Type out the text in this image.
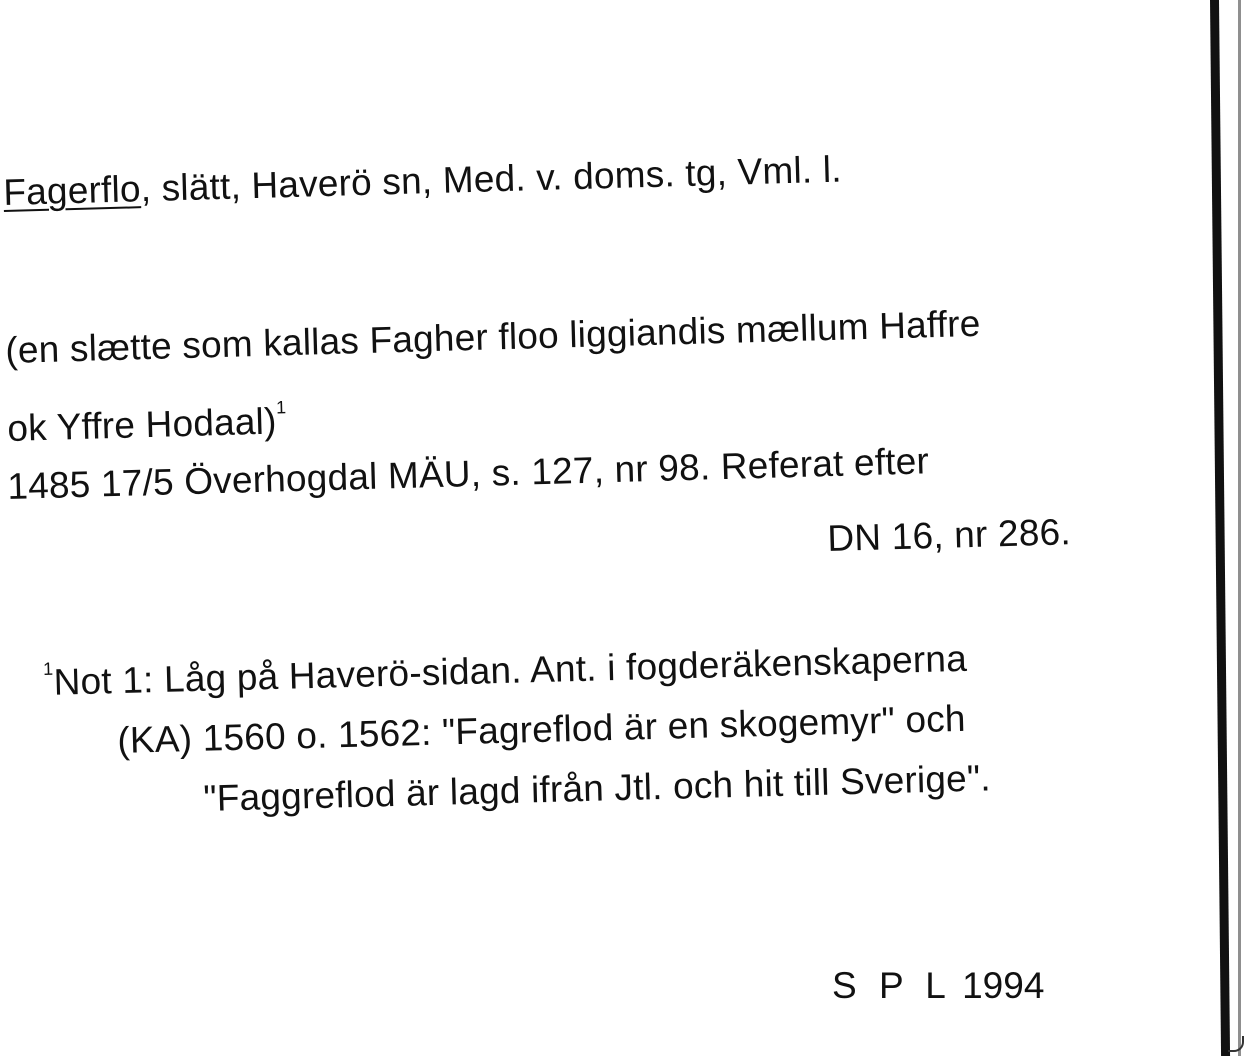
Fagerflo, slätt, Haverö sn, Med. v. doms. tg, Vml. l.
(en slætte som kallas Fagher floo liggiandis mællum Haffre
ok Yffre Hodaal)$^1$
1485 17/5 Överhogdal MÄU, s. 127, nr 98. Referat efter
DN 16, nr 286.
$^1$Not 1: Låg på Haverö-sidan. Ant. i fogderäkenskaperna
(KA) 1560 o. 1562: "Fagreflod är en skogemyr" och
"Faggreflod är lagd ifrån Jtl. och hit till Sverige".
S P L 1994
